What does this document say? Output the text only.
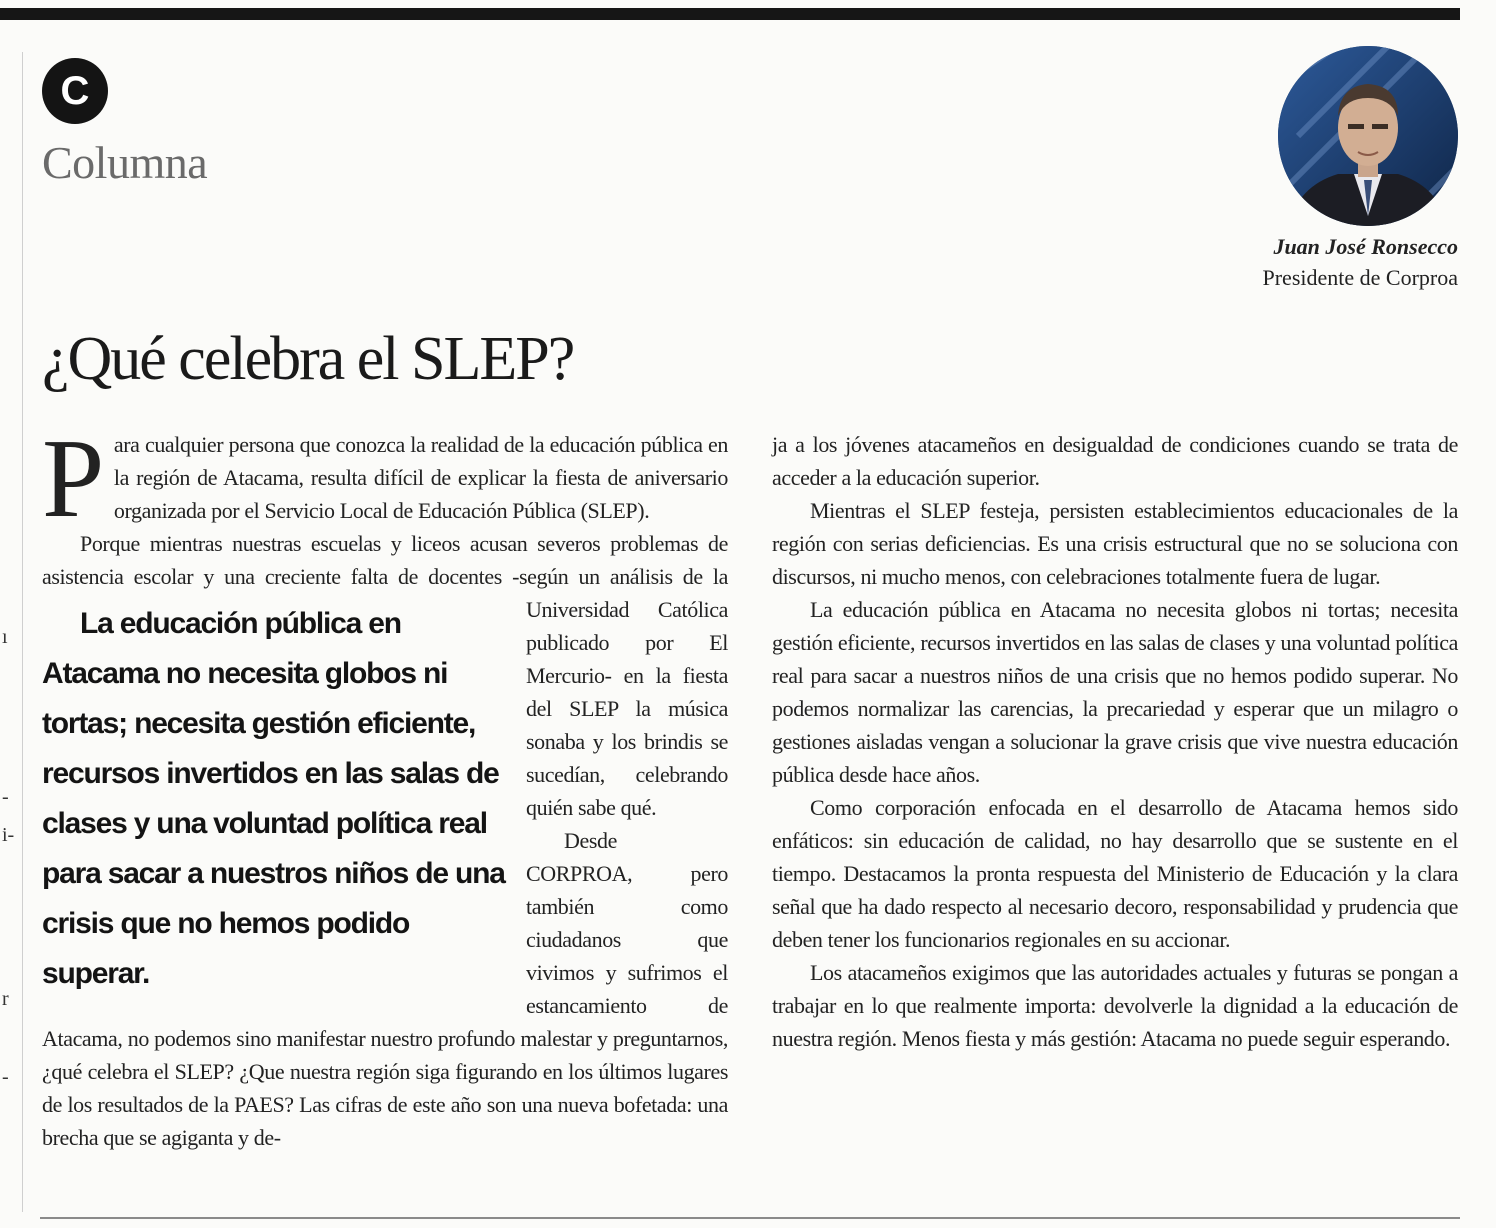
ı
-
i-
r
-
C
Columna
Juan José Ronsecco
Presidente de Corproa
¿Qué celebra el SLEP?

Para cualquier persona que conozca la realidad de la educación pública en la región de Atacama, resulta difícil de explicar la fiesta de aniversario organizada por el Servicio Local de Educación Pública (SLEP).

Porque mientras nuestras escuelas y liceos acusan severos problemas de asistencia escolar y una creciente falta de docentes
La educación pública en Atacama no necesita globos ni tortas; necesita gestión eficiente, recursos invertidos en las salas de clases y una voluntad política real para sacar a nuestros niños de una crisis que no hemos podido superar.
-según un análisis de la Universidad Católica publicado por El Mercurio- en la fiesta del SLEP la música sonaba y los brindis se sucedían, celebrando quién sabe qué.

Desde CORPROA, pero también como ciudadanos que vivimos y sufrimos el estancamiento de Atacama, no podemos sino manifestar nuestro profundo malestar y preguntarnos, ¿qué celebra el SLEP? ¿Que nuestra región siga figurando en los últimos lugares de los resultados de la PAES? Las cifras de este año son una nueva bofetada: una brecha que se agiganta y de-

ja a los jóvenes atacameños en desigualdad de condiciones cuando se trata de acceder a la educación superior.

Mientras el SLEP festeja, persisten establecimientos educacionales de la región con serias deficiencias. Es una crisis estructural que no se soluciona con discursos, ni mucho menos, con celebraciones totalmente fuera de lugar.

La educación pública en Atacama no necesita globos ni tortas; necesita gestión eficiente, recursos invertidos en las salas de clases y una voluntad política real para sacar a nuestros niños de una crisis que no hemos podido superar. No podemos normalizar las carencias, la precariedad y esperar que un milagro o gestiones aisladas vengan a solucionar la grave crisis que vive nuestra educación pública desde hace años.

Como corporación enfocada en el desarrollo de Atacama hemos sido enfáticos: sin educación de calidad, no hay desarrollo que se sustente en el tiempo. Destacamos la pronta respuesta del Ministerio de Educación y la clara señal que ha dado respecto al necesario decoro, responsabilidad y prudencia que deben tener los funcionarios regionales en su accionar.

Los atacameños exigimos que las autoridades actuales y futuras se pongan a trabajar en lo que realmente importa: devolverle la dignidad a la educación de nuestra región. Menos fiesta y más gestión: Atacama no puede seguir esperando.
